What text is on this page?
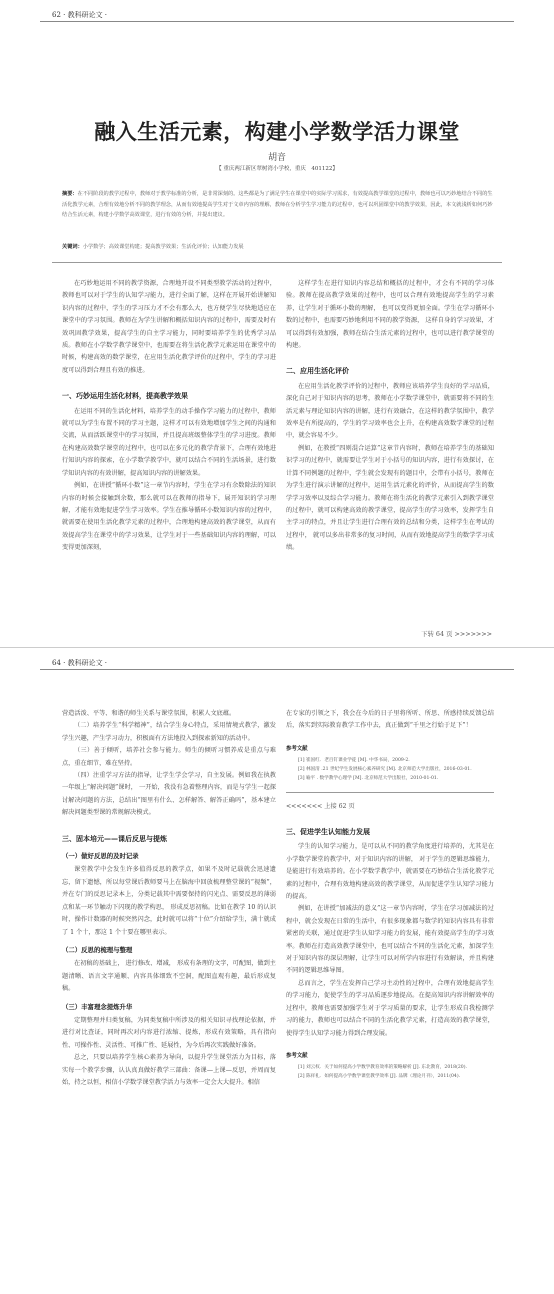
62 · 教科研论文 ·
融入生活元素，构建小学数学活力课堂
胡音
【 重庆两江新区翠树湾小学校，重庆　401122】
摘要：在不同阶段的教学过程中，教师对于教学标准的分析，是非常深刻的。这些都是为了满足学生在课堂中的实际学习需求，有效提高教学课堂的过程中，教师也可以巧妙地结合不同的生活化教学元素，合理有效地分析不同的教学理念，从而有效地提高学生对于文章内容的理解，教师在分析学生学习能力的过程中，也可以巩固课堂中的教学效果，因此，本文就浅析如何巧妙结合生活元素，构建小学数学高效课堂，进行有效的分析，并提出建议。
关键词：小学数学；高效课堂构建；提高教学效果；生活化评价；认知能力发展

在巧妙地运用不同的教学资源，合理地开设不同类型教学活动的过程中， 教师也可以对于学生的认知学习能力，进行全面了解，这样在开展开始讲解知识内容的过程中，学生的学习压力才不会有那么大，也方便学生尽快地适应在课堂中的学习氛围。教师在为学生讲解和概括知识内容的过程中，需要及时有效巩固教学效果，提高学生的自主学习能力，同时要培养学生的优秀学习品质。教师在小学数学教学课堂中，也需要在将生活化教学元素运用在课堂中的时候，构建高效的数学课堂，在应用生活化教学评价的过程中，学生的学习进度可以得到合理且有效的推进。

一、巧妙运用生活化材料，提高教学效果

在运用不同的生活化材料，培养学生的动手操作学习能力的过程中，教师就可以为学生布置不同的学习主题，这样才可以有效地增加学生之间的沟通和交流，从而活跃课堂中的学习氛围，并且提高班级整体学生的学习进度。教师在构建高效数学课堂的过程中，也可以在多元化的教学背景下，合理有效地进行知识内容的探索，在小学数学教学中，就可以结合不同的生活场景，进行数学知识内容的有效讲解，提高知识内容的讲解效果。

例如，在讲授“循环小数”这一章节内容时，学生在学习有余数除法的知识内容的时候会接触到余数，那么就可以在教师的指导下，展开知识的学习理解，才能有效地促进学生学习效率。学生在推导循环小数知识内容的过程中，就需要在使用生活化教学元素的过程中，合理地构建高效的教学课堂，从而有效提高学生在课堂中的学习效果，让学生对于一些基础知识内容的理解，可以变得更加深刻，

这样学生在进行知识内容总结和概括的过程中，才会有不同的学习体验。教师在提高教学效果的过程中，也可以合理有效地提高学生的学习素养，让学生对于循环小数的理解， 也可以变得更加全面。学生在学习循环小数的过程中，也需要巧妙地利用不同的教学资源， 这样自身的学习效果，才可以得到有效加强，教师在结合生活元素的过程中，也可以进行教学课堂的构建。

二、应用生活化评价

在应用生活化教学评价的过程中，教师应该培养学生良好的学习品质，深化自己对于知识内容的思考，教师在小学数学课堂中，就需要将不同的生活元素与理论知识内容的讲解，进行有效融合，在这样的教学氛围中，教学效率是有所提高的，学生的学习效率也会上升，在构建高效数学课堂的过程中，就会容易不少。

例如，在教授“四则混合运算”这章节内容时，教师在培养学生的基础知识学习的过程中，就需要让学生对于小括号的知识内容，进行有效探讨，在计算不同例题的过程中，学生就会发现有的题目中，会带有小括号，教师在为学生进行演示讲解的过程中，运用生活元素化的评价，从而提高学生的数学学习效率以及综合学习能力。教师在将生活化的教学元素引入到教学课堂的过程中，就可以构建高效的教学课堂，提高学生的学习效率，发挥学生自主学习的特点，并且让学生进行合理有效的总结和分类，这样学生在考试的过程中， 就可以多出非常多的复习时间，从而有效地提高学生的数学学习成绩。

下转 64 页 >>>>>>>
64 · 教科研论文 ·

营造活泼、平等、和谐的师生关系与课堂氛围，积累人文底蕴。

（二）培养学生“科学精神”，结合学生身心特点，采用情境式教学，激发学生兴趣，产生学习动力，积极面有方法地投入到探索新知的活动中。

（三）善于倾听，培养社会参与能力。师生的倾听习惯养成是重点与难点，重在细节，难在坚持。

（四）注重学习方法的指导，让学生学会学习，自主发展。例如我在执教一年级上“解决问题”课时， 一开始，我没有急着整理内容，而是与学生一起探讨解决问题的方法，总结出“图里有什么、怎样解答、解答正确吗”，基本建立解决问题类型课的常规解决模式。

三、固本培元——课后反思与提炼
（一）做好反思的及时记录

课堂教学中会发生许多值得反思的教学点，如果不及时记载就会迅速遗忘，留下遗憾，所以每堂课后教师要马上在脑海中回放梳理整堂课的“视频”，并在专门的反思记录本上，分类记载其中需要保持的闪光点、需要反思的薄弱点和某一环节触动下闪现的教学构思， 形成反思初稿。比如在教学 10 的认识时，操作计数器的时候突然闪念，此时就可以将“十位”介绍给学生，满十就成了 1 个十，那这 1 个十要在哪里表示。

（二）反思的梳理与整理

在初稿的基础上， 进行修改、增减， 形成有条理的文字，可配图，做到主题清晰、语言文字通顺、内容具体细致不空洞，配图直观有趣，最后形成复稿。

（三）丰富理念提炼升华

定期整理并归类复稿，为同类复稿中所涉及的相关知识寻找理论依据，并进行对比查证，同时再次对内容进行浓缩、提炼，形成有效策略，具有指向性、可操作性、灵活性、可推广性、延展性，为今后再次实践做好准备。

总之，只要以培养学生核心素养为导向，以提升学生课堂活力为目标，落实每一个教学步骤，认认真真做好教学三部曲：备课—上课—反思，并周而复始，持之以恒，相信小学数学课堂教学活力与效率一定会大大提升。相信

在专家的引领之下，我会在今后的日子里将所听、所思、所感持续反馈总结后，落实到实际教育教学工作中去，真正做到“千里之行始于足下”！

参考文献

[1] 崔国红．老百钉课业学徒 [M]. 中华书局，2009-2.

[2] 林国清 .21 世纪学生发展核心素养研究 [M]. 北京师范大学出版社，2016-03-01.

[3] 喻平 . 数学教学心理学 [M]. 北京师范大学出版社，2010-01-01.

<<<<<<< 上接 62 页

三、促进学生认知能力发展

学生的认知学习能力，是可以从不同的教学角度进行培养的，尤其是在小学数学课堂的教学中，对于知识内容的讲解， 对于学生的逻辑思维能力， 是能进行有效培养的。在小学数学教学中，就需要在巧妙结合生活化教学元素的过程中，合理有效地构建高效的教学课堂，从而促进学生认知学习能力的提高。

例如，在讲授“加减法的意义”这一章节内容时，学生在学习加减法的过程中，就会发现在日常的生活中，有很多现象都与数学的知识内容具有非常紧密的关联，通过促进学生认知学习能力的发展，能有效提高学生的学习效率。教师在打造高效教学课堂中，也可以结合不同的生活化元素，加深学生对于知识内容的深层理解，让学生可以对所学内容进行有效解读，并且构建不同的逻辑思维导图。

总而言之，学生在发挥自己学习主动性的过程中，合理有效地提高学生的学习能力，促使学生的学习品质逐步地提高。在提高知识内容讲解效率的过程中，教师也需要加强学生对于学习质量的要求，让学生形成自我检测学习的能力，教师也可以结合不同的生活化教学元素，打造高效的教学课堂，使得学生认知学习能力得到合理发展。

参考文献

[1] 刘云权．关于如何提高小学数学教育效率的策略解析 [J]. 东北教育，2018(20).

[2] 陈祥礼．如何提高小学数学课堂教学效率 [J]. 品牌（理论月刊），2011(04).
